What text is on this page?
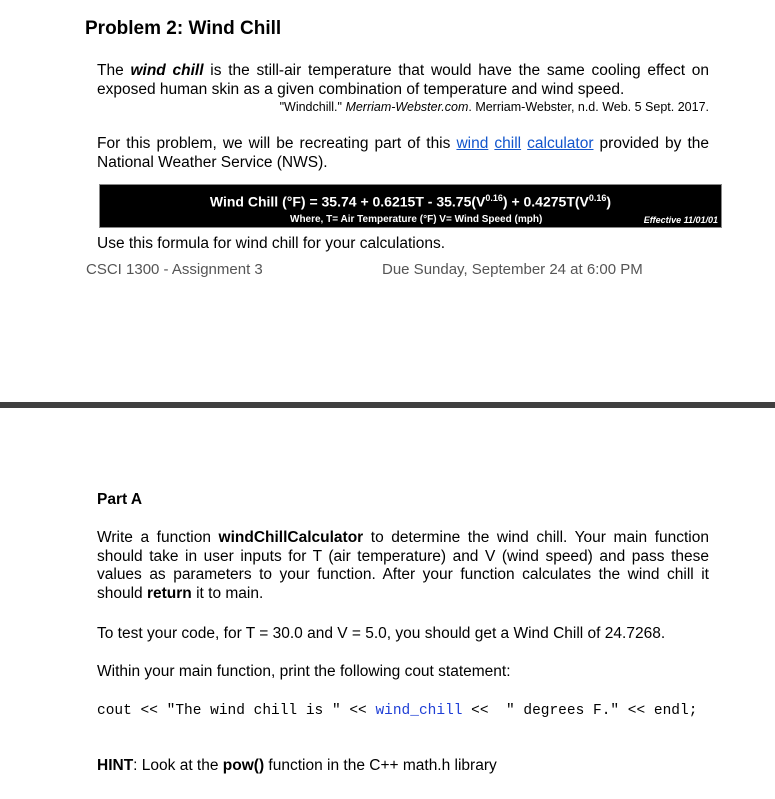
Problem 2: Wind Chill
The wind chill is the still-air temperature that would have the same cooling effect on exposed human skin as a given combination of temperature and wind speed.
"Windchill." Merriam-Webster.com. Merriam-Webster, n.d. Web. 5 Sept. 2017.
For this problem, we will be recreating part of this wind chill calculator provided by the National Weather Service (NWS).
Wind Chill $(^\circ F) = 35.74 + 0.6215T - 35.75(V^{0.16}) + 0.4275T(V^{0.16})$
Where, T= Air Temperature (°F) V= Wind Speed (mph)	Effective 11/01/01
Use this formula for wind chill for your calculations.
CSCI 1300 - Assignment 3	Due Sunday, September 24 at 6:00 PM
Part A
Write a function windChillCalculator to determine the wind chill. Your main function should take in user inputs for T (air temperature) and V (wind speed) and pass these values as parameters to your function. After your function calculates the wind chill it should return it to main.
To test your code, for T = 30.0 and V = 5.0, you should get a Wind Chill of 24.7268.
Within your main function, print the following cout statement:
cout << "The wind chill is " << wind_chill <<  " degrees F." << endl;
HINT: Look at the pow() function in the C++ math.h library
